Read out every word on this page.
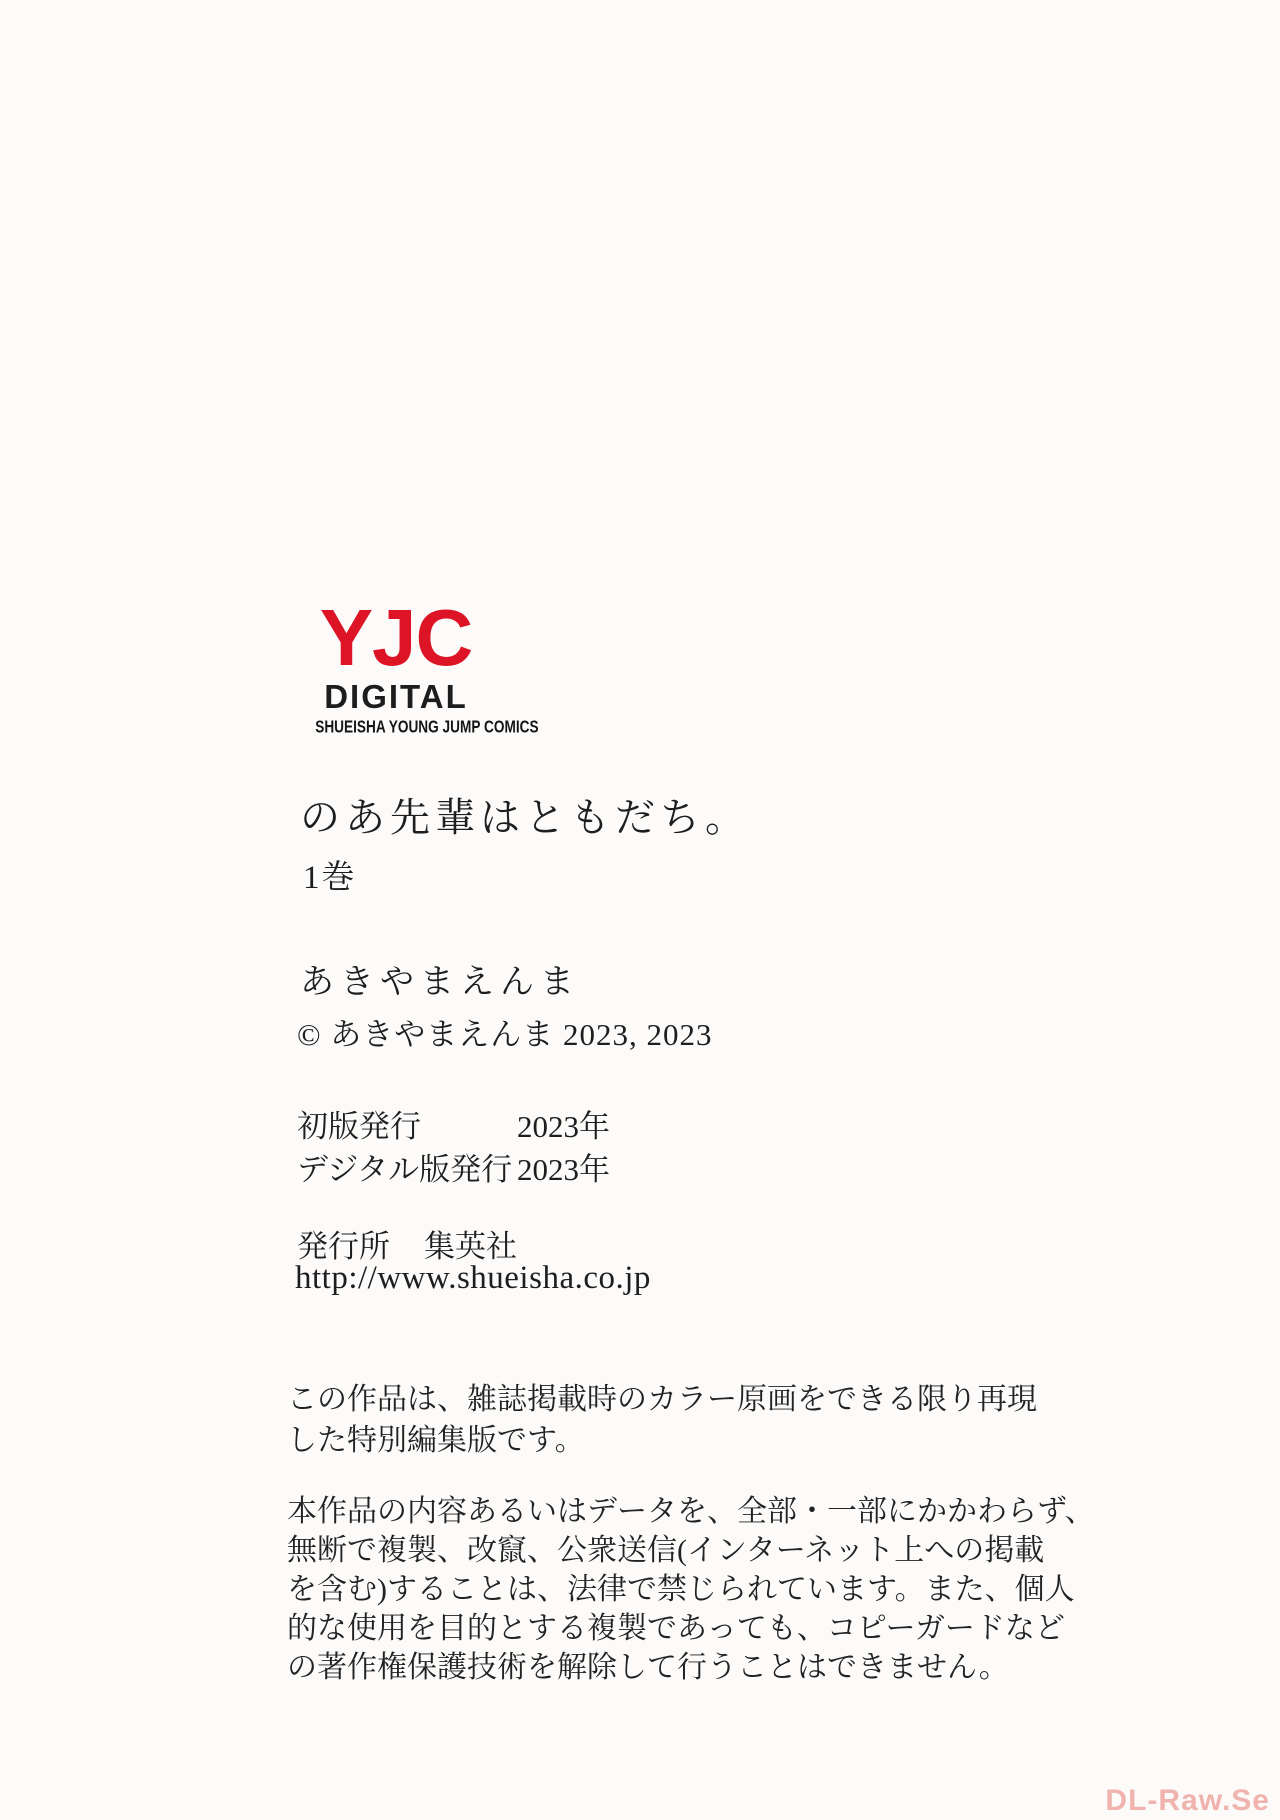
YJC
DIGITAL
SHUEISHA YOUNG JUMP COMICS
のあ先輩はともだち。
1巻
あきやまえんま
© あきやまえんま 2023, 2023
初版発行	2023年
デジタル版発行 2023年
発行所 集英社
http://www.shueisha.co.jp
この作品は、雑誌掲載時のカラー原画をできる限り再現
した特別編集版です。
本作品の内容あるいはデータを、全部・一部にかかわらず、
無断で複製、改竄、公衆送信(インターネット上への掲載
を含む)することは、法律で禁じられています。また、個人
的な使用を目的とする複製であっても、コピーガードなど
の著作権保護技術を解除して行うことはできません。
DL-Raw.Se
